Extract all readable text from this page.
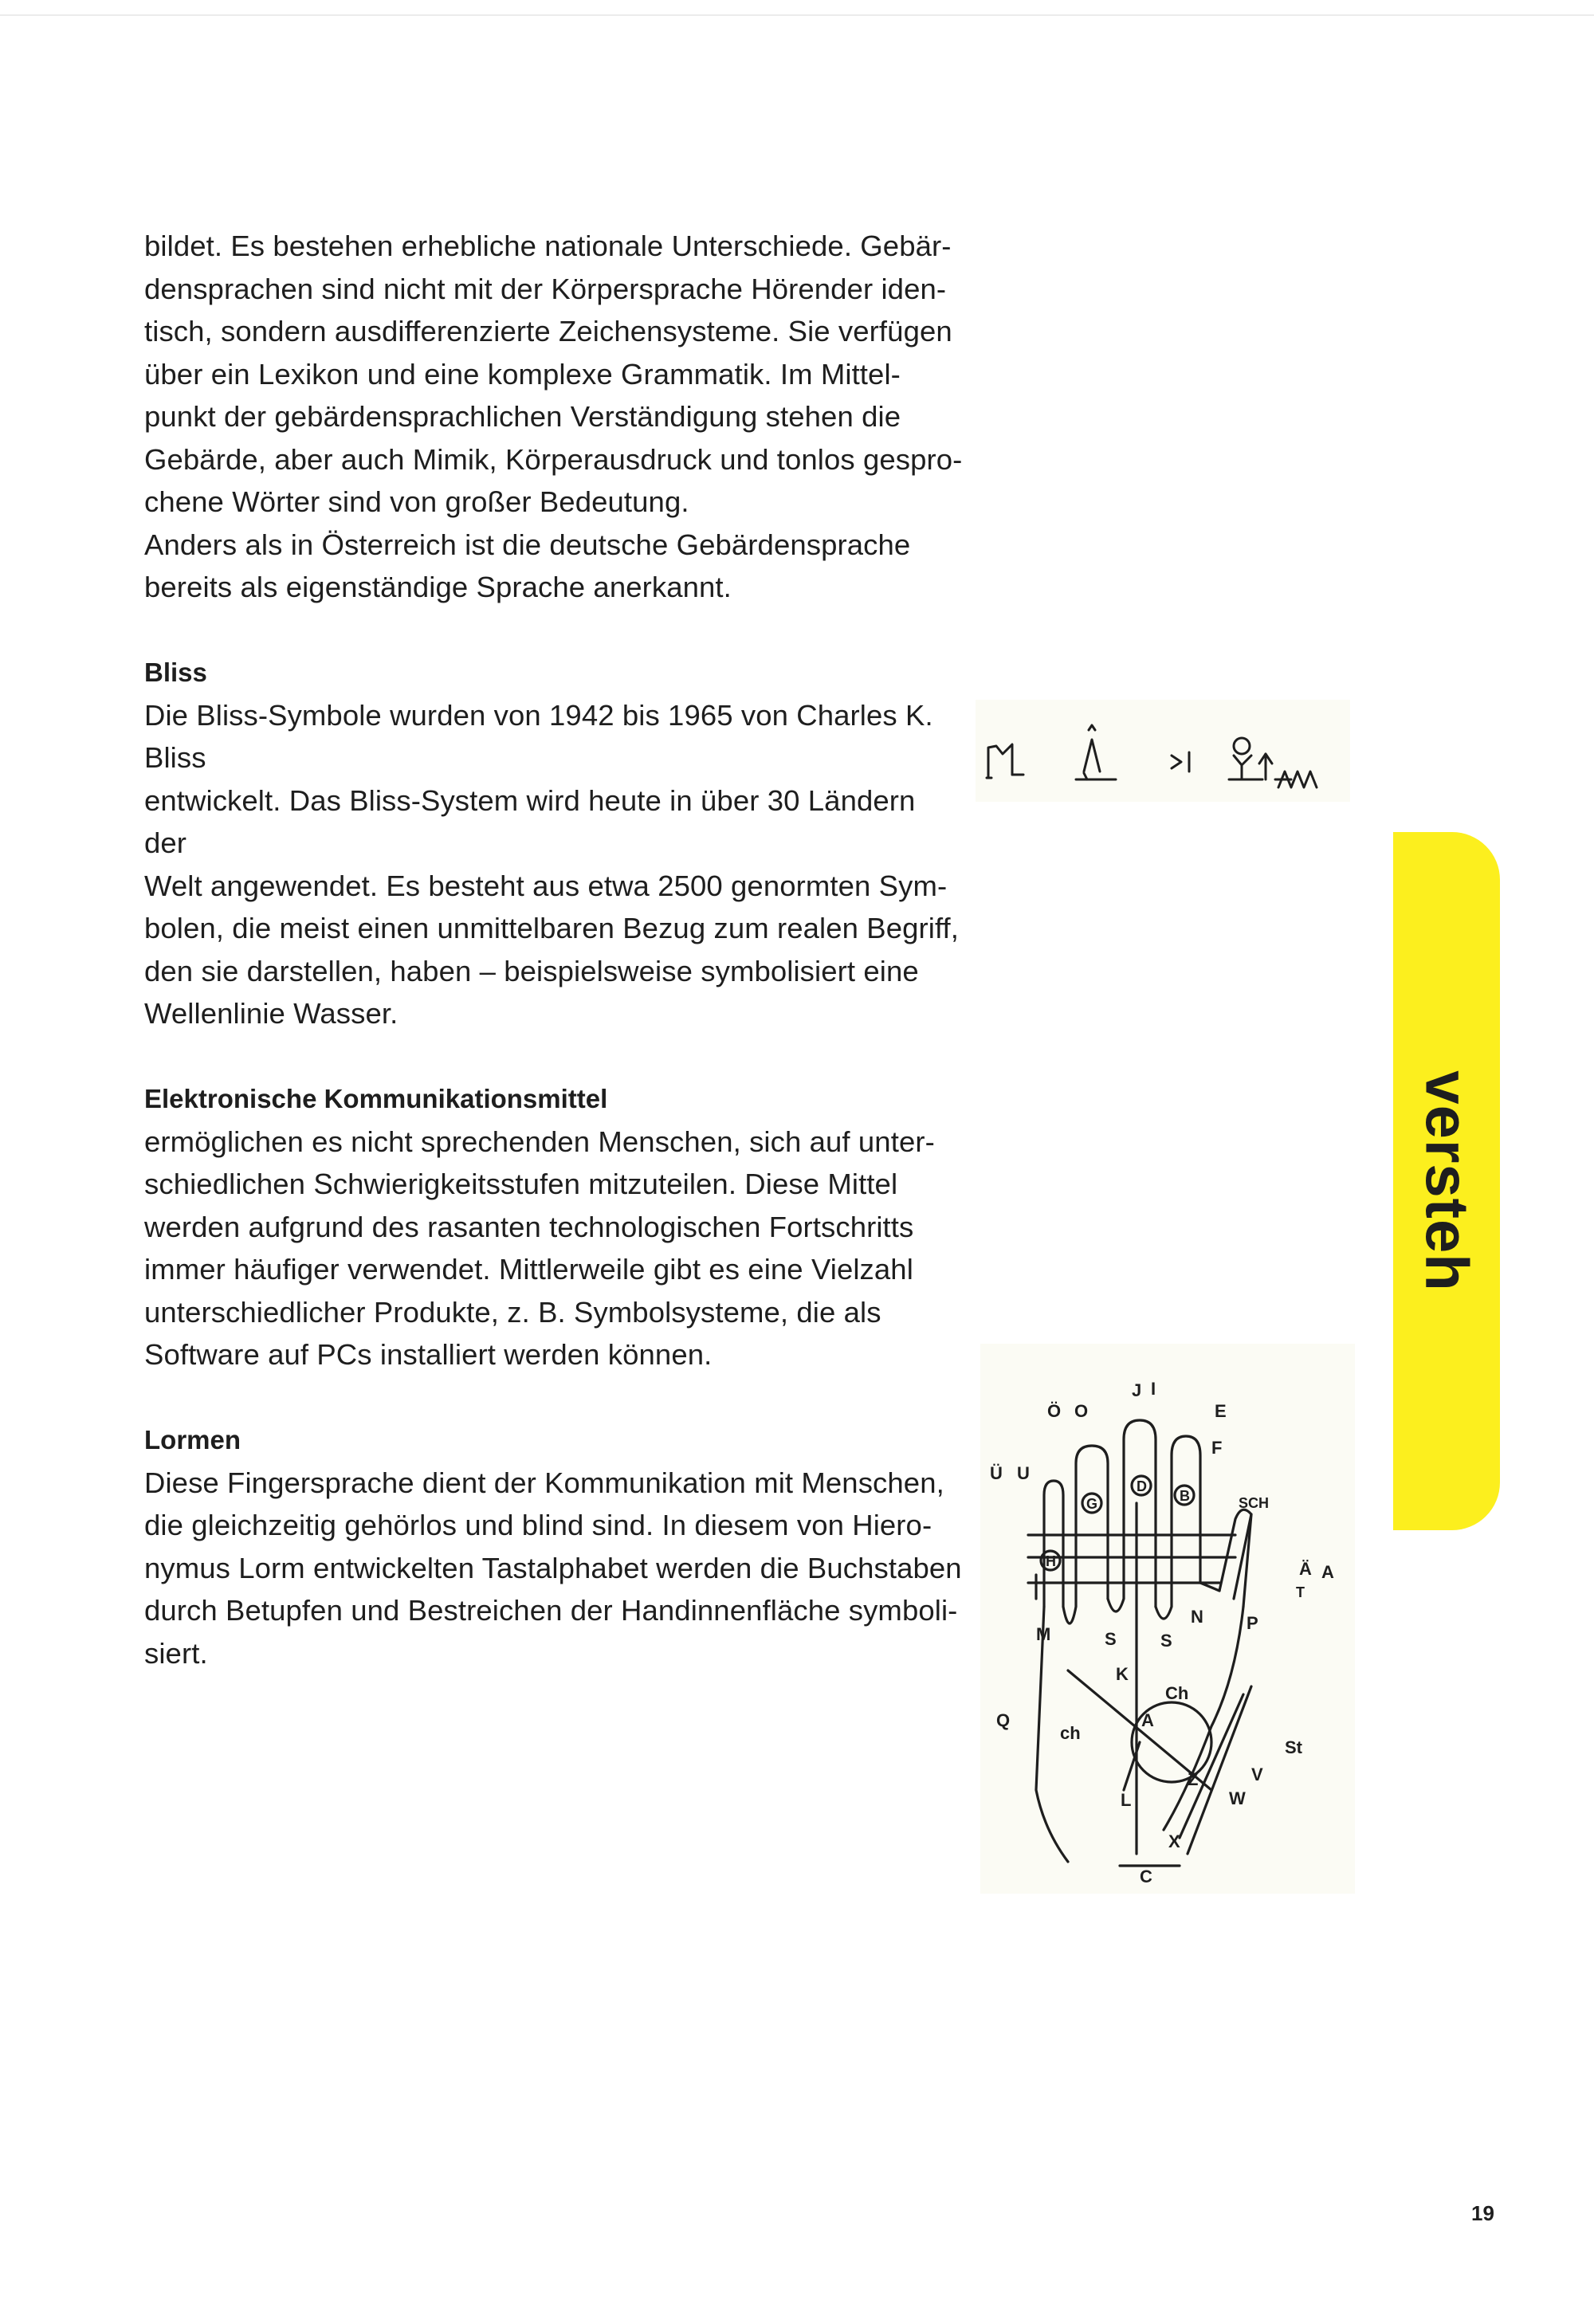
bildet. Es bestehen erhebliche nationale Unterschiede. Gebär-
densprachen sind nicht mit der Körpersprache Hörender iden-
tisch, sondern ausdifferenzierte Zeichensysteme. Sie verfügen
über ein Lexikon und eine komplexe Grammatik. Im Mittel-
punkt der gebärdensprachlichen Verständigung stehen die
Gebärde, aber auch Mimik, Körperausdruck und tonlos gespro-
chene Wörter sind von großer Bedeutung.
Anders als in Österreich ist die deutsche Gebärdensprache
bereits als eigenständige Sprache anerkannt.

Bliss

Die Bliss-Symbole wurden von 1942 bis 1965 von Charles K. Bliss
entwickelt. Das Bliss-System wird heute in über 30 Ländern der
Welt angewendet. Es besteht aus etwa 2500 genormten Sym-
bolen, die meist einen unmittelbaren Bezug zum realen Begriff,
den sie darstellen, haben – beispielsweise symbolisiert eine
Wellenlinie Wasser.

Elektronische Kommunikationsmittel

ermöglichen es nicht sprechenden Menschen, sich auf unter-
schiedlichen Schwierigkeitsstufen mitzuteilen. Diese Mittel
werden aufgrund des rasanten technologischen Fortschritts
immer häufiger verwendet. Mittlerweile gibt es eine Vielzahl
unterschiedlicher Produkte, z. B. Symbolsysteme, die als
Software auf PCs installiert werden können.

Lormen

Diese Fingersprache dient der Kommunikation mit Menschen,
die gleichzeitig gehörlos und blind sind. In diesem von Hiero-
nymus Lorm entwickelten Tastalphabet werden die Buchstaben
durch Betupfen und Bestreichen der Handinnenfläche symboli-
siert.

Ö O
J I
E
Ü U
G
D
B
F
H
SCH
Ä A
T
M
N P
S	S
K
Ch
A
Q
ch
Z
St
V
W
L
X
C
versteh
19
